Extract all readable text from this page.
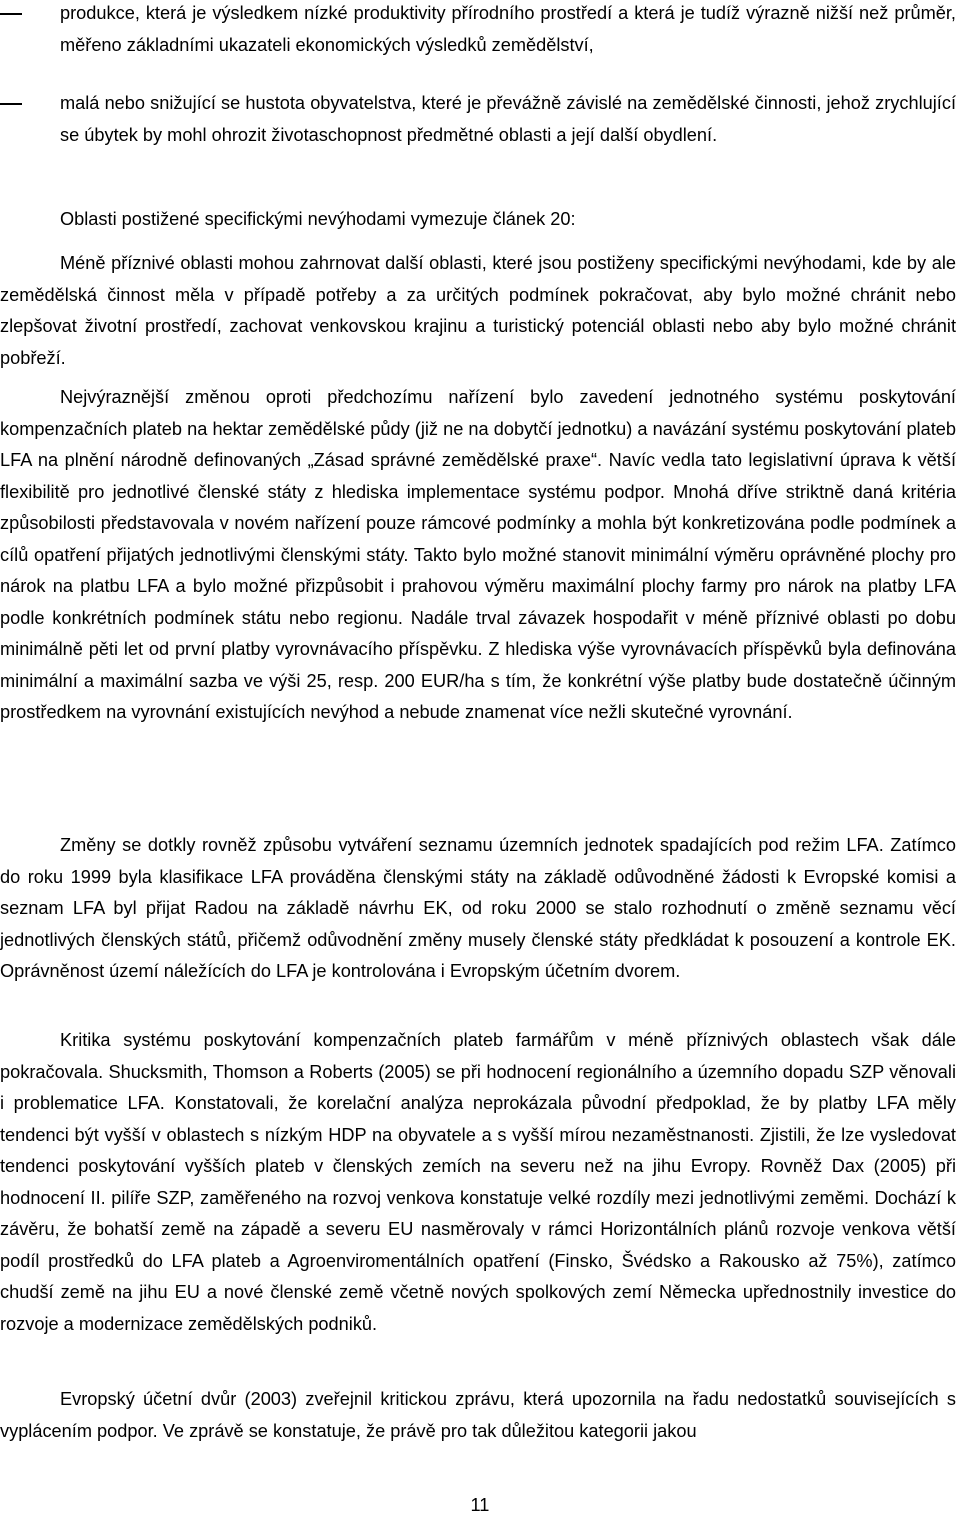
produkce, která je výsledkem nízké produktivity přírodního prostředí a která je tudíž výrazně nižší než průměr, měřeno základními ukazateli ekonomických výsledků zemědělství,
malá nebo snižující se hustota obyvatelstva, které je převážně závislé na zemědělské činnosti, jehož zrychlující se úbytek by mohl ohrozit životaschopnost předmětné oblasti a její další obydlení.

Oblasti postižené specifickými nevýhodami vymezuje článek 20:

Méně příznivé oblasti mohou zahrnovat další oblasti, které jsou postiženy specifickými nevýhodami, kde by ale zemědělská činnost měla v případě potřeby a za určitých podmínek pokračovat, aby bylo možné chránit nebo zlepšovat životní prostředí, zachovat venkovskou krajinu a turistický potenciál oblasti nebo aby bylo možné chránit pobřeží.

Nejvýraznější změnou oproti předchozímu nařízení bylo zavedení jednotného systému poskytování kompenzačních plateb na hektar zemědělské půdy (již ne na dobytčí jednotku) a navázání systému poskytování plateb LFA na plnění národně definovaných „Zásad správné zemědělské praxe“. Navíc vedla tato legislativní úprava k větší flexibilitě pro jednotlivé členské státy z hlediska implementace systému podpor. Mnohá dříve striktně daná kritéria způsobilosti představovala v novém nařízení pouze rámcové podmínky a mohla být konkretizována podle podmínek a cílů opatření přijatých jednotlivými členskými státy. Takto bylo možné stanovit minimální výměru oprávněné plochy pro nárok na platbu LFA a bylo možné přizpůsobit i prahovou výměru maximální plochy farmy pro nárok na platby LFA podle konkrétních podmínek státu nebo regionu. Nadále trval závazek hospodařit v méně příznivé oblasti po dobu minimálně pěti let od první platby vyrovnávacího příspěvku. Z hlediska výše vyrovnávacích příspěvků byla definována minimální a maximální sazba ve výši 25, resp. 200 EUR/ha s tím, že konkrétní výše platby bude dostatečně účinným prostředkem na vyrovnání existujících nevýhod a nebude znamenat více nežli skutečné vyrovnání.

Změny se dotkly rovněž způsobu vytváření seznamu územních jednotek spadajících pod režim LFA. Zatímco do roku 1999 byla klasifikace LFA prováděna členskými státy na základě odůvodněné žádosti k Evropské komisi a seznam LFA byl přijat Radou na základě návrhu EK, od roku 2000 se stalo rozhodnutí o změně seznamu věcí jednotlivých členských států, přičemž odůvodnění změny musely členské státy předkládat k posouzení a kontrole EK. Oprávněnost území náležících do LFA je kontrolována i Evropským účetním dvorem.

Kritika systému poskytování kompenzačních plateb farmářům v méně příznivých oblastech však dále pokračovala. Shucksmith, Thomson a Roberts (2005) se při hodnocení regionálního a územního dopadu SZP věnovali i problematice LFA. Konstatovali, že korelační analýza neprokázala původní předpoklad, že by platby LFA měly tendenci být vyšší v oblastech s nízkým HDP na obyvatele a s vyšší mírou nezaměstnanosti. Zjistili, že lze vysledovat tendenci poskytování vyšších plateb v členských zemích na severu než na jihu Evropy. Rovněž Dax (2005) při hodnocení II. pilíře SZP, zaměřeného na rozvoj venkova konstatuje velké rozdíly mezi jednotlivými zeměmi. Dochází k závěru, že bohatší země na západě a severu EU nasměrovaly v rámci Horizontálních plánů rozvoje venkova větší podíl prostředků do LFA plateb a Agroenviromentálních opatření (Finsko, Švédsko a Rakousko až 75%), zatímco chudší země na jihu EU a nové členské země včetně nových spolkových zemí Německa upřednostnily investice do rozvoje a modernizace zemědělských podniků.

Evropský účetní dvůr (2003) zveřejnil kritickou zprávu, která upozornila na řadu nedostatků souvisejících s vyplácením podpor. Ve zprávě se konstatuje, že právě pro tak důležitou kategorii jakou

11
